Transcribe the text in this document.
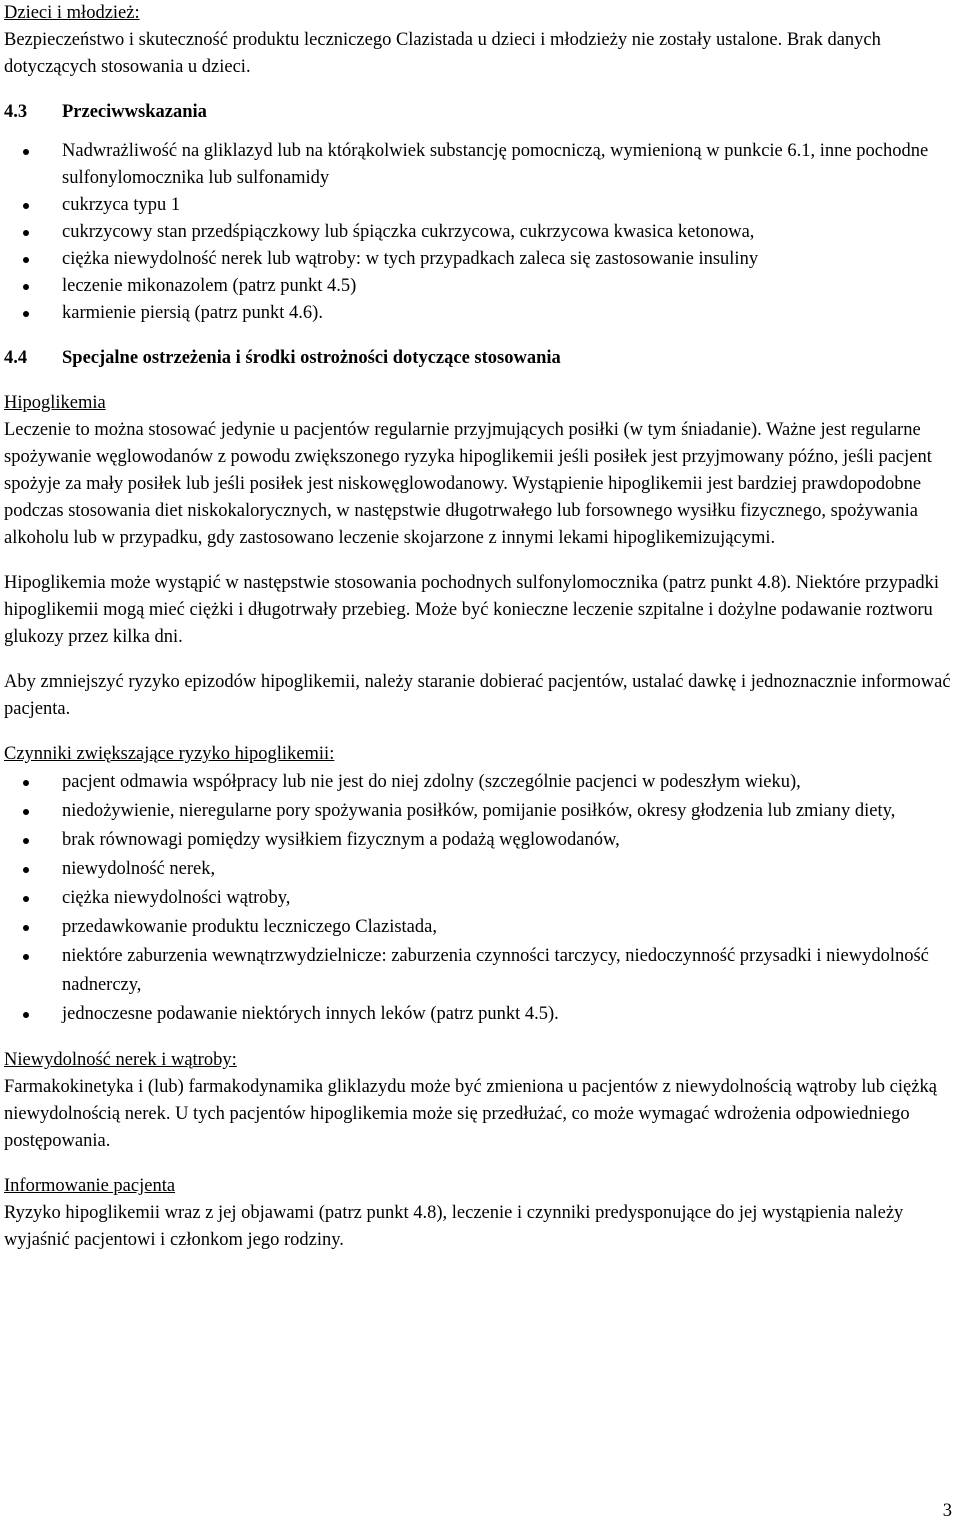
Dzieci i młodzież:

Bezpieczeństwo i skuteczność produktu leczniczego Clazistada u dzieci i młodzieży nie zostały ustalone. Brak danych dotyczących stosowania u dzieci.

4.3	Przeciwwskazania
Nadwrażliwość na gliklazyd lub na którąkolwiek substancję pomocniczą, wymienioną w punkcie 6.1, inne pochodne sulfonylomocznika lub sulfonamidy
cukrzyca typu 1
cukrzycowy stan przedśpiączkowy lub śpiączka cukrzycowa, cukrzycowa kwasica ketonowa,
ciężka niewydolność nerek lub wątroby: w tych przypadkach zaleca się zastosowanie insuliny
leczenie mikonazolem (patrz punkt 4.5)
karmienie piersią (patrz punkt 4.6).
4.4	Specjalne ostrzeżenia i środki ostrożności dotyczące stosowania

Hipoglikemia

Leczenie to można stosować jedynie u pacjentów regularnie przyjmujących posiłki (w tym śniadanie). Ważne jest regularne spożywanie węglowodanów z powodu zwiększonego ryzyka hipoglikemii jeśli posiłek jest przyjmowany późno, jeśli pacjent spożyje za mały posiłek lub jeśli posiłek jest niskowęglowodanowy. Wystąpienie hipoglikemii jest bardziej prawdopodobne podczas stosowania diet niskokalorycznych, w następstwie długotrwałego lub forsownego wysiłku fizycznego, spożywania alkoholu lub w przypadku, gdy zastosowano leczenie skojarzone z innymi lekami hipoglikemizującymi.

Hipoglikemia może wystąpić w następstwie stosowania pochodnych sulfonylomocznika (patrz punkt 4.8). Niektóre przypadki hipoglikemii mogą mieć ciężki i długotrwały przebieg. Może być konieczne leczenie szpitalne i dożylne podawanie roztworu glukozy przez kilka dni.

Aby zmniejszyć ryzyko epizodów hipoglikemii, należy staranie dobierać pacjentów, ustalać dawkę i jednoznacznie informować pacjenta.

Czynniki zwiększające ryzyko hipoglikemii:

pacjent odmawia współpracy lub nie jest do niej zdolny (szczególnie pacjenci w podeszłym wieku),
niedożywienie, nieregularne pory spożywania posiłków, pomijanie posiłków, okresy głodzenia lub zmiany diety,
brak równowagi pomiędzy wysiłkiem fizycznym a podażą węglowodanów,
niewydolność nerek,
ciężka niewydolności wątroby,
przedawkowanie produktu leczniczego Clazistada,
niektóre zaburzenia wewnątrzwydzielnicze: zaburzenia czynności tarczycy, niedoczynność przysadki i niewydolność nadnerczy,
jednoczesne podawanie niektórych innych leków (patrz punkt 4.5).

Niewydolność nerek i wątroby:

Farmakokinetyka i (lub) farmakodynamika gliklazydu może być zmieniona u pacjentów z niewydolnością wątroby lub ciężką niewydolnością nerek. U tych pacjentów hipoglikemia może się przedłużać, co może wymagać wdrożenia odpowiedniego postępowania.

Informowanie pacjenta

Ryzyko hipoglikemii wraz z jej objawami (patrz punkt 4.8), leczenie i czynniki predysponujące do jej wystąpienia należy wyjaśnić pacjentowi i członkom jego rodziny.

3
